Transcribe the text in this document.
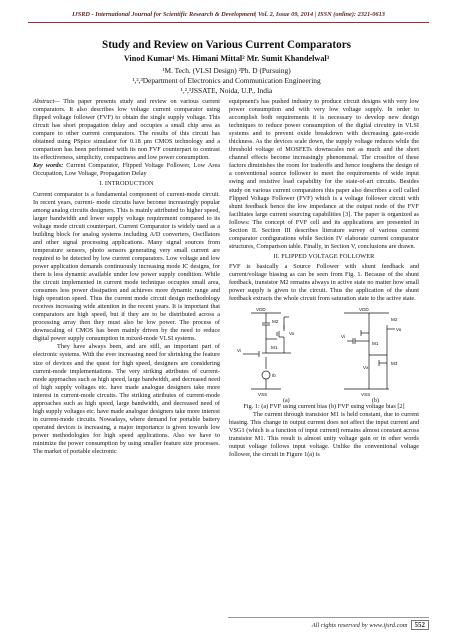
IJSRD - International Journal for Scientific Research & Development| Vol. 2, Issue 09, 2014 | ISSN (online): 2321-0613
Study and Review on Various Current Comparators
Vinod Kumar¹ Ms. Himani Mittal² Mr. Sumit Khandelwal³
¹M. Tech. (VLSI Design) ²Ph. D (Pursuing)
¹,²,³Department of Electronics and Communication Engineering
¹,²,³JSSATE, Noida, U.P., India

Abstract— This paper presents study and review on various current comparators. It also describes low voltage current comparator using flipped voltage follower (FVF) to obtain the single supply voltage. This circuit has short propagation delay and occupies a small chip area as compare to other current comparators. The results of this circuit has obtained using PSpice simulator for 0.18 µm CMOS technology and a comparison has been performed with its non FVF counterpart to contrast its effectiveness, simplicity, compactness and low power consumption.

Key words: Current Comparator, Flipped Voltage Follower, Low Area Occupation, Low Voltage, Propagation Delay

I. INTRODUCTION

Current comparator is a fundamental component of current-mode circuit. In recent years, current- mode circuits have become increasingly popular among analog circuits designers. This is mainly attributed to higher speed, larger bandwidth and lower supply voltage requirement compared to its voltage mode circuit counterpart. Current Comparator is widely used as a building block for analog systems including A/D converters, Oscillators and other signal processing applications. Many signal sources from temperature sensors, photo sensors generating very small current are required to be detected by low current comparators. Low voltage and low power application demands continuously increasing mode IC designs, for there is less dynamic available under low power supply condition. While the circuit implemented in current mode technique occupies small area, consumes less power dissipation and achieves more dynamic range and high operation speed. Thus the current mode circuit design methodology receives increasing wide attention in the recent years. It is important that comparators are high speed, but if they are to be distributed across a processing array then they must also be low power. The process of downscaling of CMOS has been mainly driven by the need to reduce digital power supply consumption in mixed-mode VLSI systems.

They have always been, and are still, an important part of electronic systems. With the ever increasing need for shrinking the feature size of devices and the quest for high speed, designers are considering current-mode implementations. The very striking attributes of current-mode approaches such as high speed, large bandwidth, and decreased need of high supply voltages etc. have made analogue designers take more interest in current-mode circuits. The striking attributes of current-mode approaches such as high speed, large bandwidth, and decreased need of high supply voltages etc. have made analogue designers take more interest in current-mode circuits. Nowadays, where demand for portable battery operated devices is increasing, a major importance is given towards low power methodologies for high speed applications. Also we have to minimize the power consumption by using smaller feature size processes. The market of portable electronic

equipment's has pushed industry to produce circuit designs with very low power consumption and with very low voltage supply. In order to accomplish both requirements it is necessary to develop new design techniques to reduce power consumption of the digital circuitry in VLSI systems and to prevent oxide breakdown with decreasing gate-oxide thickness. As the devices scale down, the supply voltage reduces while the threshold voltage of MOSFETs downscales not as much and the short channel effects become increasingly phenomenal. The crossfire of these factors diminishes the room for tradeoffs and hence toughens the design of a conventional source follower to meet the requirements of wide input swing and resistive load capability for the state-of-art circuits. Besides study on various current comparators this paper also describes a cell called Flipped Voltage Follower (FVF) which is a voltage follower circuit with shunt feedback hence the low impedance at the output node of the FVF facilitates large current sourcing capabilities [3]. The paper is organized as follows: The concept of FVF cell and its applications are presented in Section II. Section III describes literature survey of various current comparator configurations while Section IV elaborate current comparator structures, Comparison table. Finally, in Section V, conclusions are drawn.

II. FLIPPED VOLTAGE FOLLOWER

FVF is basically a Source Follower with shunt feedback and current/voltage biasing as can be seen from Fig. 1. Because of the shunt feedback, transistor M2 remains always in active state no matter how small power supply is given to the circuit. Thus the application of the shunt feedback extracts the whole circuit from saturation state to the active state.

VDD
M2
Vo
Vi
M1
Ib
VSS
VDD
M2
Vo
Vi
M1
M3
Vx
VSS
(a)	(b)
Fig. 1: (a) FVF using current bias (b) FVF using voltage bias [2]

The current through transistor M1 is held constant, due to current biasing. This change in output current does not affect the input current and VSG1 (which is a function of input current) remains almost constant across transistor M1. This result is almost unity voltage gain or in other words output voltage follows input voltage. Unlike the conventional voltage follower, the circuit in Figure 1(a) is

All rights reserved by www.ijsrd.com	552
